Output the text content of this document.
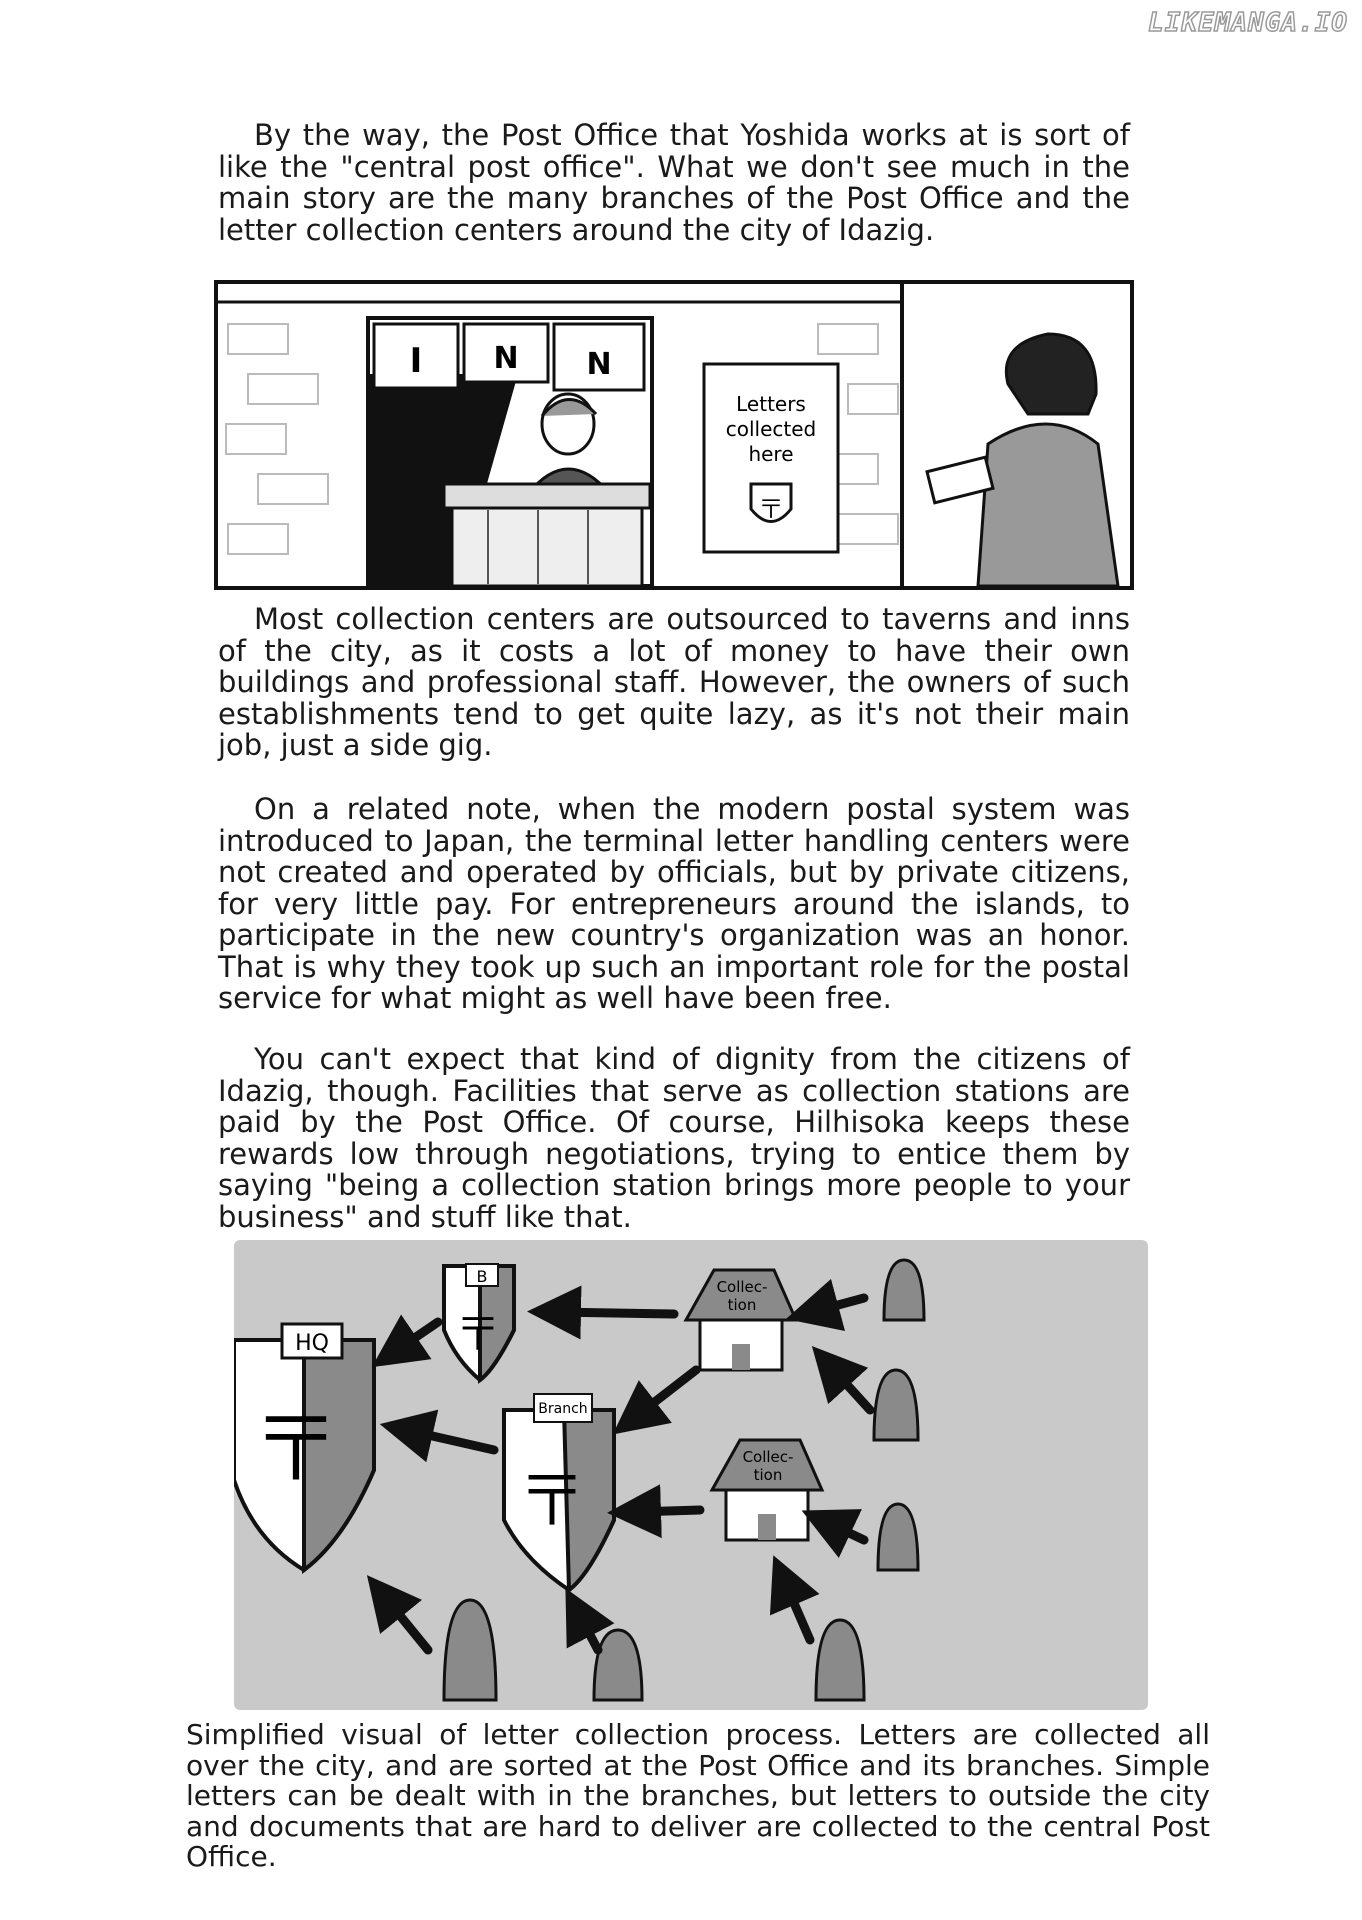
LIKEMANGA.IO

By the way, the Post Office that Yoshida works at is sort of like the "central post office". What we don't see much in the main story are the many branches of the Post Office and the letter collection centers around the city of Idazig.

I N N
Letters
collected
here
〒

Most collection centers are outsourced to taverns and inns of the city, as it costs a lot of money to have their own buildings and professional staff. However, the owners of such establishments tend to get quite lazy, as it's not their main job, just a side gig.

On a related note, when the modern postal system was introduced to Japan, the terminal letter handling centers were not created and operated by officials, but by private citizens, for very little pay. For entrepreneurs around the islands, to participate in the new country's organization was an honor. That is why they took up such an important role for the postal service for what might as well have been free.

You can't expect that kind of dignity from the citizens of Idazig, though. Facilities that serve as collection stations are paid by the Post Office. Of course, Hilhisoka keeps these rewards low through negotiations, trying to entice them by saying "being a collection station brings more people to your business" and stuff like that.

HQ
〒
B
〒
Branch
〒
Collec-
tion
Collec-
tion

Simplified visual of letter collection process. Letters are collected all over the city, and are sorted at the Post Office and its branches. Simple letters can be dealt with in the branches, but letters to outside the city and documents that are hard to deliver are collected to the central Post Office.
